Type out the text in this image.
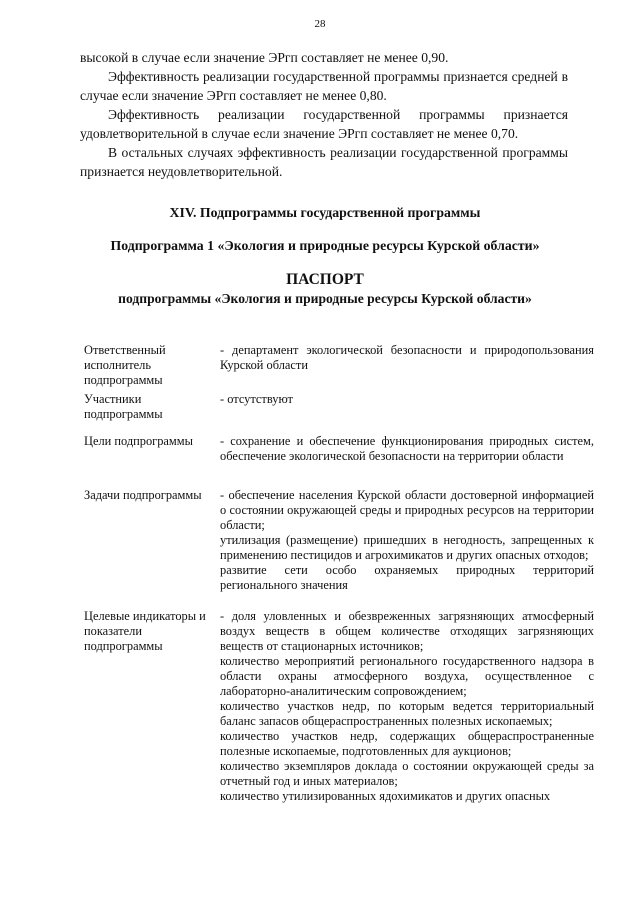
28

высокой в случае если значение ЭРгп составляет не менее 0,90.

Эффективность реализации государственной программы признается средней в случае если значение ЭРгп составляет не менее 0,80.

Эффективность реализации государственной программы признается удовлетворительной в случае если значение ЭРгп составляет не менее 0,70.

В остальных случаях эффективность реализации государственной программы признается неудовлетворительной.

XIV. Подпрограммы государственной программы
Подпрограмма 1 «Экология и природные ресурсы Курской области»
ПАСПОРТ
подпрограммы «Экология и природные ресурсы Курской области»
Ответственный исполнитель подпрограммы

- департамент экологической безопасности и природопользования Курской области

Участники подпрограммы

- отсутствуют

Цели подпрограммы	- сохранение и обеспечение функционирования природных систем, обеспечение экологической безопасности на территории области

Задачи подпрограммы	- обеспечение населения Курской области достоверной информацией о состоянии окружающей среды и природных ресурсов на территории области;

утилизация (размещение) пришедших в негодность, запрещенных к применению пестицидов и агрохимикатов и других опасных отходов;

развитие сети особо охраняемых природных территорий регионального значения

Целевые индикаторы и показатели подпрограммы

- доля уловленных и обезвреженных загрязняющих атмосферный воздух веществ в общем количестве отходящих загрязняющих веществ от стационарных источников;

количество мероприятий регионального государственного надзора в области охраны атмосферного воздуха, осуществленное с лабораторно-аналитическим сопровождением;

количество участков недр, по которым ведется территориальный баланс запасов общераспространенных полезных ископаемых;

количество участков недр, содержащих общераспространенные полезные ископаемые, подготовленных для аукционов;

количество экземпляров доклада о состоянии окружающей среды за отчетный год и иных материалов;

количество утилизированных ядохимикатов и других опасных
